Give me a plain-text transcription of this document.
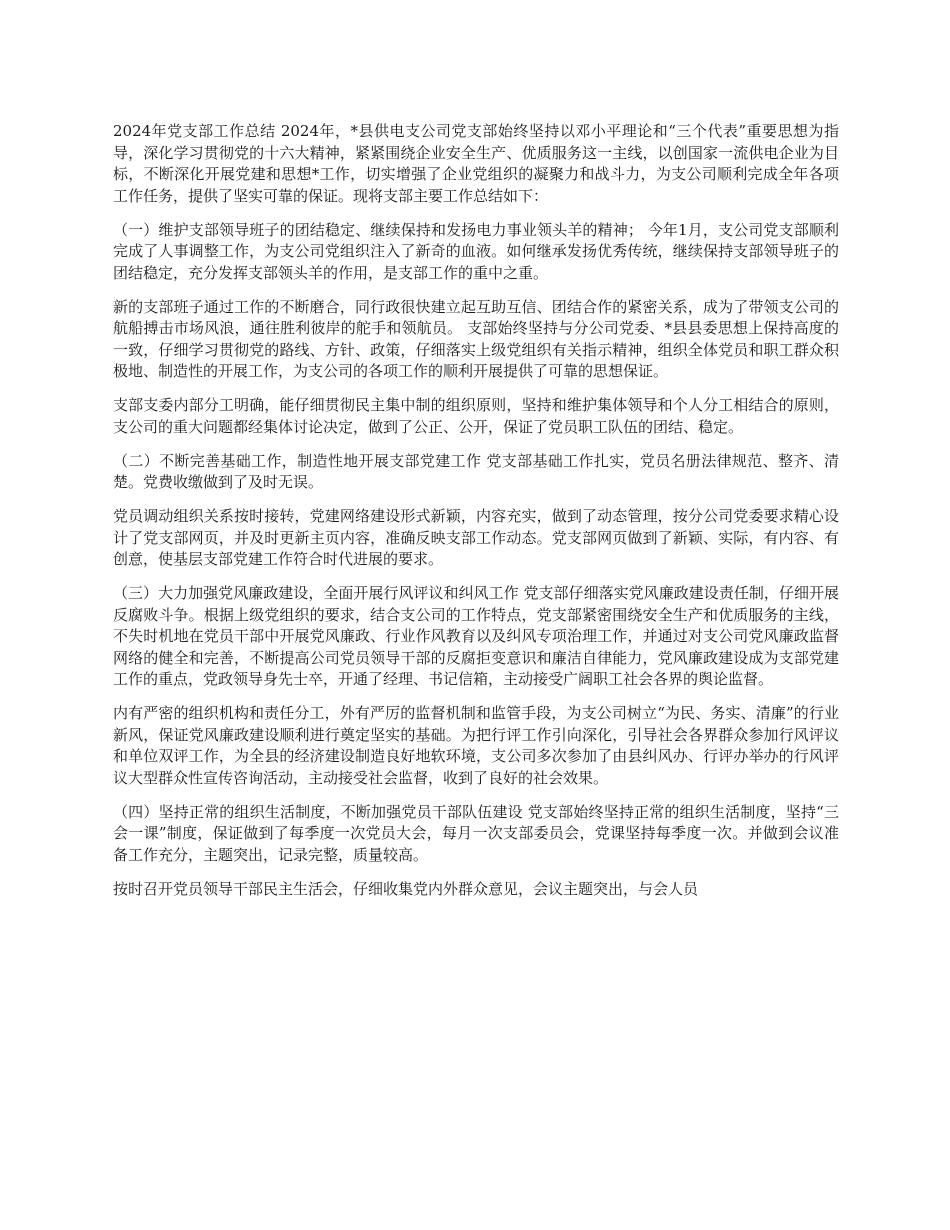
2024年党支部工作总结 2024年，*县供电支公司党支部始终坚持以邓小平理论和“三个代表”重要思想为指导，深化学习贯彻党的十六大精神，紧紧围绕企业安全生产、优质服务这一主线，以创国家一流供电企业为目标，不断深化开展党建和思想*工作，切实增强了企业党组织的凝聚力和战斗力，为支公司顺利完成全年各项工作任务，提供了坚实可靠的保证。现将支部主要工作总结如下：

（一）维护支部领导班子的团结稳定、继续保持和发扬电力事业领头羊的精神； 今年1月，支公司党支部顺利完成了人事调整工作，为支公司党组织注入了新奇的血液。如何继承发扬优秀传统，继续保持支部领导班子的团结稳定，充分发挥支部领头羊的作用，是支部工作的重中之重。

新的支部班子通过工作的不断磨合，同行政很快建立起互助互信、团结合作的紧密关系，成为了带领支公司的航船搏击市场风浪，通往胜利彼岸的舵手和领航员。 支部始终坚持与分公司党委、*县县委思想上保持高度的一致，仔细学习贯彻党的路线、方针、政策，仔细落实上级党组织有关指示精神，组织全体党员和职工群众积极地、制造性的开展工作，为支公司的各项工作的顺利开展提供了可靠的思想保证。

支部支委内部分工明确，能仔细贯彻民主集中制的组织原则，坚持和维护集体领导和个人分工相结合的原则，支公司的重大问题都经集体讨论决定，做到了公正、公开，保证了党员职工队伍的团结、稳定。

（二）不断完善基础工作，制造性地开展支部党建工作 党支部基础工作扎实，党员名册法律规范、整齐、清楚。党费收缴做到了及时无误。

党员调动组织关系按时接转，党建网络建设形式新颖，内容充实，做到了动态管理，按分公司党委要求精心设计了党支部网页，并及时更新主页内容，准确反映支部工作动态。党支部网页做到了新颖、实际，有内容、有创意，使基层支部党建工作符合时代进展的要求。

（三）大力加强党风廉政建设，全面开展行风评议和纠风工作 党支部仔细落实党风廉政建设责任制，仔细开展反腐败斗争。根据上级党组织的要求，结合支公司的工作特点，党支部紧密围绕安全生产和优质服务的主线，不失时机地在党员干部中开展党风廉政、行业作风教育以及纠风专项治理工作，并通过对支公司党风廉政监督网络的健全和完善，不断提高公司党员领导干部的反腐拒变意识和廉洁自律能力，党风廉政建设成为支部党建工作的重点，党政领导身先士卒，开通了经理、书记信箱，主动接受广阔职工社会各界的舆论监督。

内有严密的组织机构和责任分工，外有严厉的监督机制和监管手段，为支公司树立“为民、务实、清廉”的行业新风，保证党风廉政建设顺利进行奠定坚实的基础。为把行评工作引向深化，引导社会各界群众参加行风评议和单位双评工作，为全县的经济建设制造良好地软环境，支公司多次参加了由县纠风办、行评办举办的行风评议大型群众性宣传咨询活动，主动接受社会监督，收到了良好的社会效果。

（四）坚持正常的组织生活制度，不断加强党员干部队伍建设 党支部始终坚持正常的组织生活制度，坚持“三会一课”制度，保证做到了每季度一次党员大会，每月一次支部委员会，党课坚持每季度一次。并做到会议准备工作充分，主题突出，记录完整，质量较高。

按时召开党员领导干部民主生活会，仔细收集党内外群众意见，会议主题突出，与会人员
